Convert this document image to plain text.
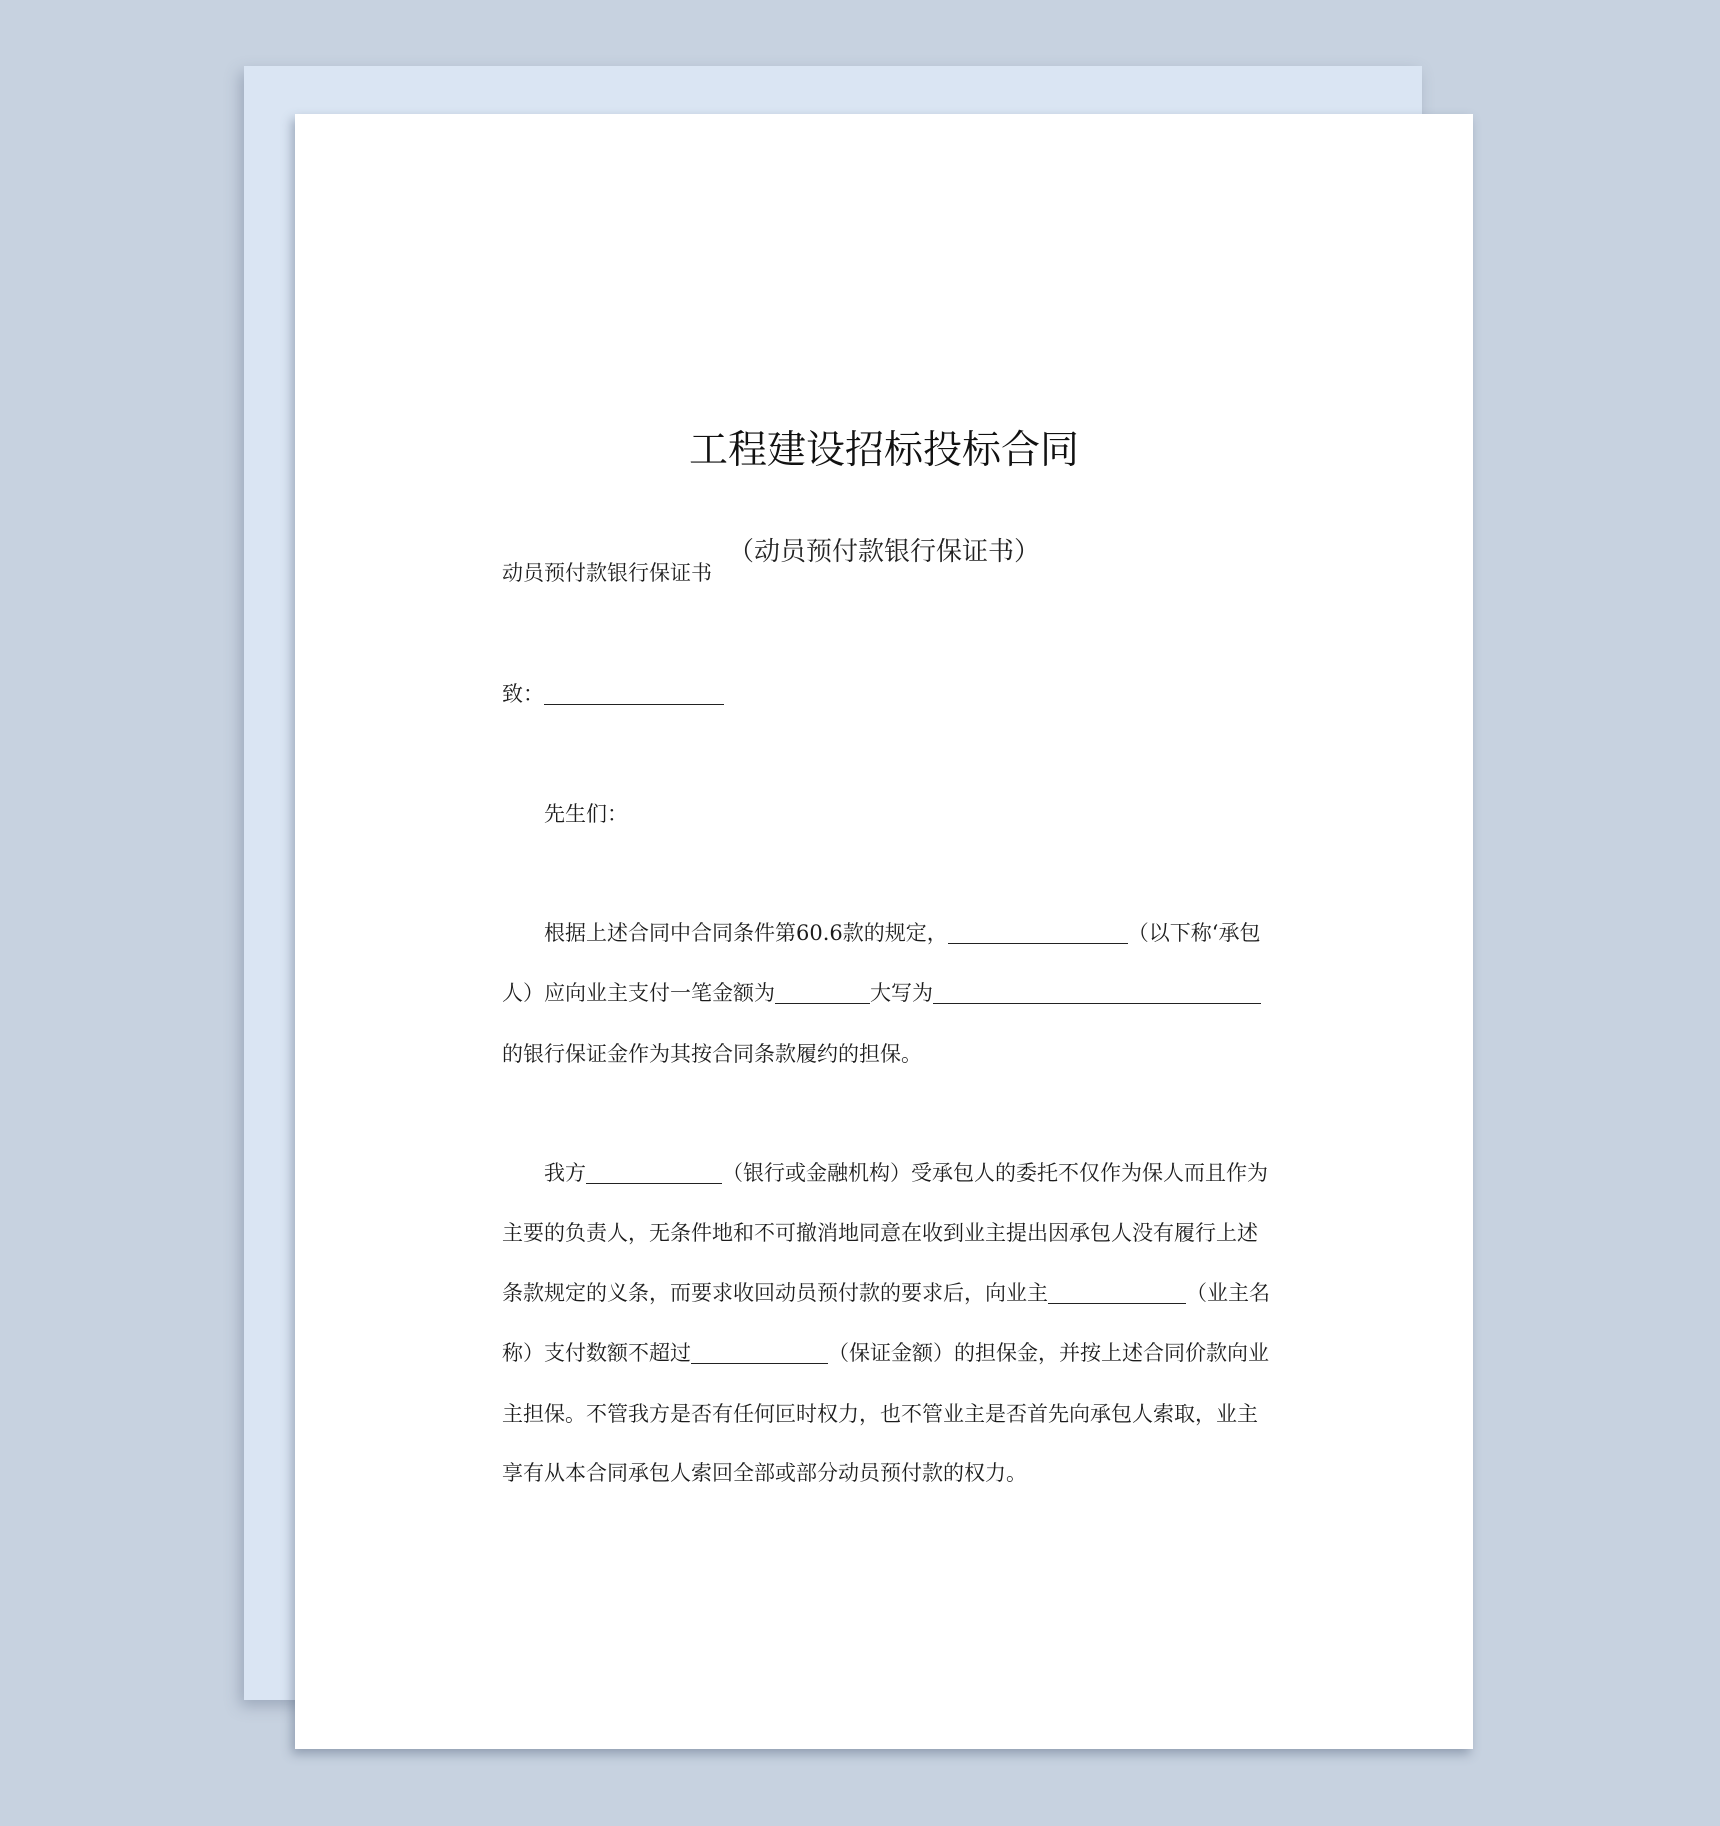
工程建设招标投标合同
（动员预付款银行保证书）
动员预付款银行保证书
致：
先生们：
根据上述合同中合同条件第60.6款的规定，	（以下称‘承包
人）应向业主支付一笔金额为	大写为
的银行保证金作为其按合同条款履约的担保。
我方	（银行或金融机构）受承包人的委托不仅作为保人而且作为
主要的负责人，无条件地和不可撤消地同意在收到业主提出因承包人没有履行上述
条款规定的义条，而要求收回动员预付款的要求后，向业主	（业主名
称）支付数额不超过	（保证金额）的担保金，并按上述合同价款向业
主担保。不管我方是否有任何叵时权力，也不管业主是否首先向承包人索取，业主
享有从本合同承包人索回全部或部分动员预付款的权力。
